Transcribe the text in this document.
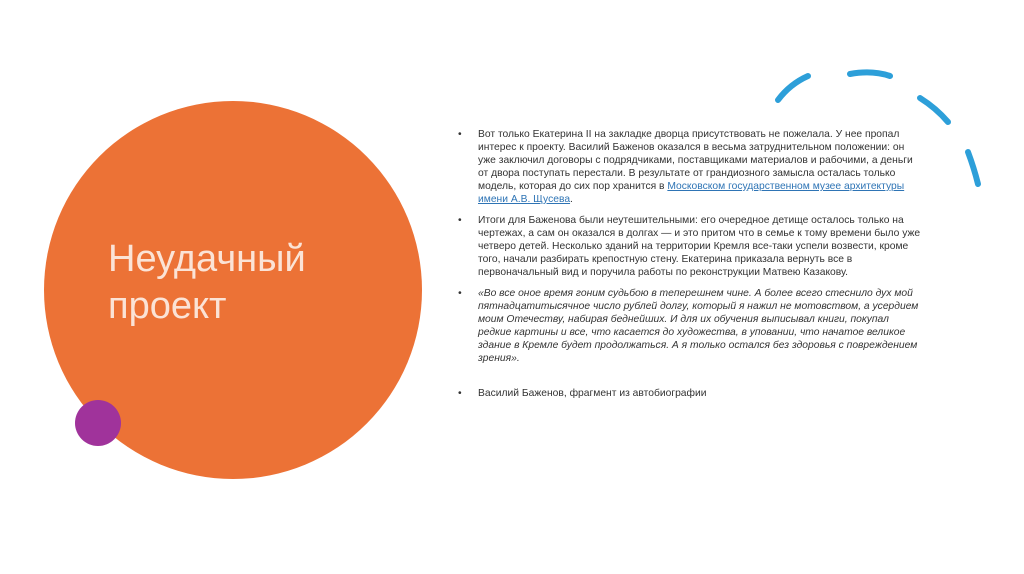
Неудачный проект
• Вот только Екатерина II на закладке дворца присутствовать не пожелала. У нее пропал интерес к проекту. Василий Баженов оказался в весьма затруднительном положении: он уже заключил договоры с подрядчиками, поставщиками материалов и рабочими, а деньги от двора поступать перестали. В результате от грандиозного замысла осталась только модель, которая до сих пор хранится в Московском государственном музее архитектуры имени А.В. Щусева.
• Итоги для Баженова были неутешительными: его очередное детище осталось только на чертежах, а сам он оказался в долгах — и это притом что в семье к тому времени было уже четверо детей. Несколько зданий на территории Кремля все-таки успели возвести, кроме того, начали разбирать крепостную стену. Екатерина приказала вернуть все в первоначальный вид и поручила работы по реконструкции Матвею Казакову.
• «Во все оное время гоним судьбою в теперешнем чине. А более всего стеснило дух мой пятнадцатитысячное число рублей долгу, который я нажил не мотовством, а усердием моим Отечеству, набирая беднейших. И для их обучения выписывал книги, покупал редкие картины и все, что касается до художества, в уповании, что начатое великое здание в Кремле будет продолжаться. А я только остался без здоровья с повреждением зрения».
• Василий Баженов, фрагмент из автобиографии
